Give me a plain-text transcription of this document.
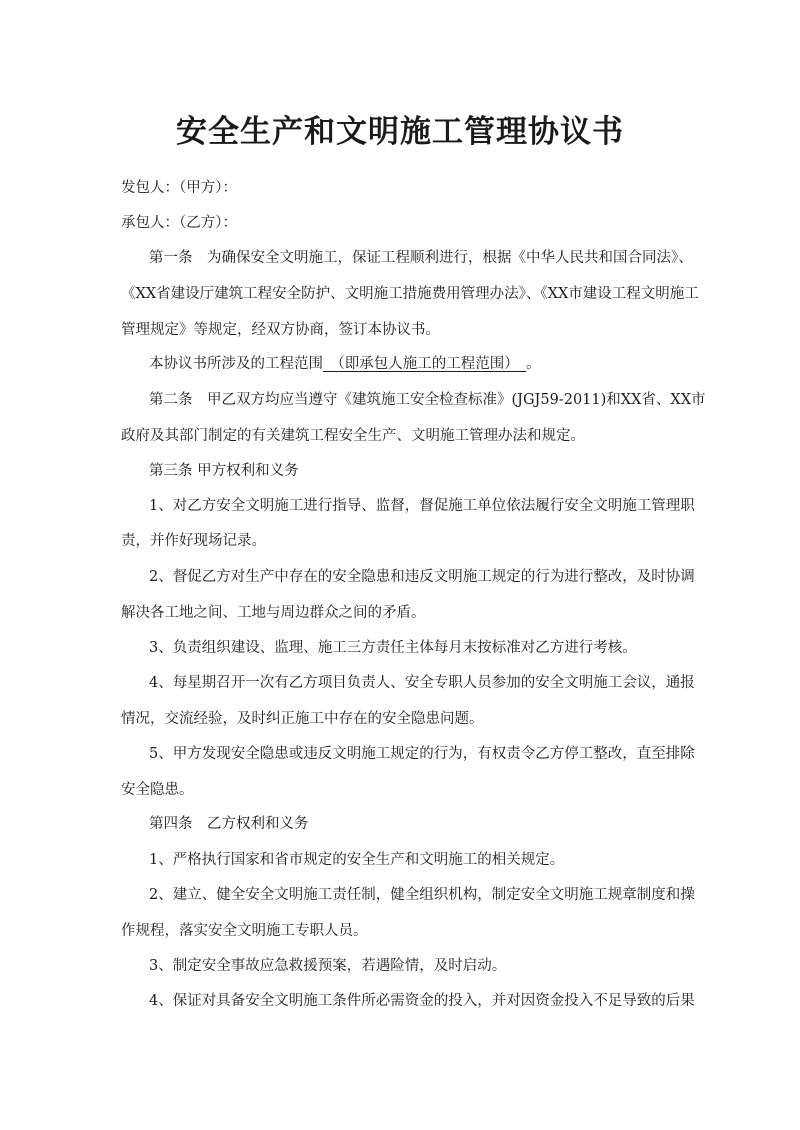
安全生产和文明施工管理协议书
发包人：（甲方）：
承包人：（乙方）：
第一条　为确保安全文明施工，保证工程顺利进行，根据《中华人民共和国合同法》、
《XX省建设厅建筑工程安全防护、文明施工措施费用管理办法》、《XX市建设工程文明施工
管理规定》等规定，经双方协商，签订本协议书。
本协议书所涉及的工程范围　（即承包人施工的工程范围）　。
第二条　甲乙双方均应当遵守《建筑施工安全检查标准》(JGJ59-2011)和XX省、XX市
政府及其部门制定的有关建筑工程安全生产、文明施工管理办法和规定。
第三条 甲方权利和义务
1、对乙方安全文明施工进行指导、监督，督促施工单位依法履行安全文明施工管理职
责，并作好现场记录。
2、督促乙方对生产中存在的安全隐患和违反文明施工规定的行为进行整改，及时协调
解决各工地之间、工地与周边群众之间的矛盾。
3、负责组织建设、监理、施工三方责任主体每月末按标准对乙方进行考核。
4、每星期召开一次有乙方项目负责人、安全专职人员参加的安全文明施工会议，通报
情况，交流经验，及时纠正施工中存在的安全隐患问题。
5、甲方发现安全隐患或违反文明施工规定的行为，有权责令乙方停工整改，直至排除
安全隐患。
第四条　乙方权利和义务
1、严格执行国家和省市规定的安全生产和文明施工的相关规定。
2、建立、健全安全文明施工责任制，健全组织机构，制定安全文明施工规章制度和操
作规程，落实安全文明施工专职人员。
3、制定安全事故应急救援预案，若遇险情，及时启动。
4、保证对具备安全文明施工条件所必需资金的投入，并对因资金投入不足导致的后果
